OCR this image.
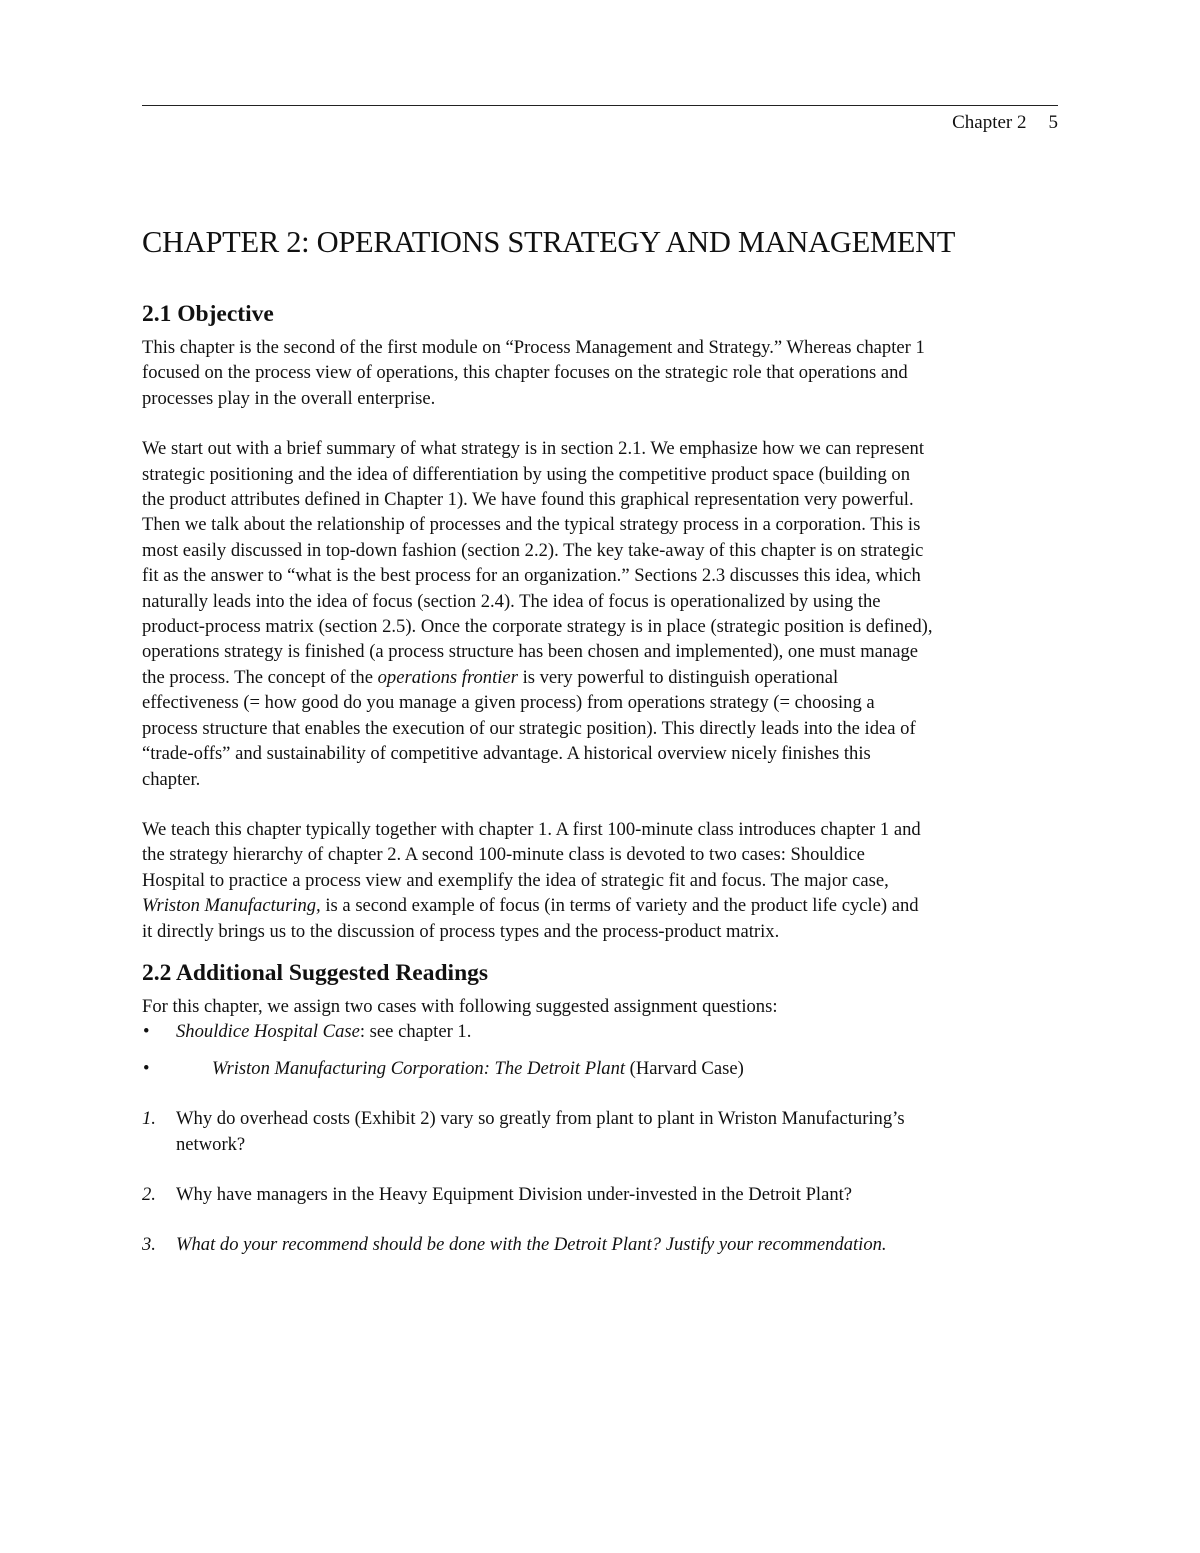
Chapter 2 5
CHAPTER 2: OPERATIONS STRATEGY AND MANAGEMENT
2.1 Objective

This chapter is the second of the first module on “Process Management and Strategy.” Whereas chapter 1
focused on the process view of operations, this chapter focuses on the strategic role that operations and
processes play in the overall enterprise.

We start out with a brief summary of what strategy is in section 2.1. We emphasize how we can represent
strategic positioning and the idea of differentiation by using the competitive product space (building on
the product attributes defined in Chapter 1). We have found this graphical representation very powerful.
Then we talk about the relationship of processes and the typical strategy process in a corporation. This is
most easily discussed in top-down fashion (section 2.2). The key take-away of this chapter is on strategic
fit as the answer to “what is the best process for an organization.” Sections 2.3 discusses this idea, which
naturally leads into the idea of focus (section 2.4). The idea of focus is operationalized by using the
product-process matrix (section 2.5). Once the corporate strategy is in place (strategic position is defined),
operations strategy is finished (a process structure has been chosen and implemented), one must manage
the process. The concept of the operations frontier is very powerful to distinguish operational
effectiveness (= how good do you manage a given process) from operations strategy (= choosing a
process structure that enables the execution of our strategic position). This directly leads into the idea of
“trade-offs” and sustainability of competitive advantage. A historical overview nicely finishes this
chapter.

We teach this chapter typically together with chapter 1. A first 100-minute class introduces chapter 1 and
the strategy hierarchy of chapter 2. A second 100-minute class is devoted to two cases: Shouldice
Hospital to practice a process view and exemplify the idea of strategic fit and focus. The major case,
Wriston Manufacturing, is a second example of focus (in terms of variety and the product life cycle) and
it directly brings us to the discussion of process types and the process-product matrix.

2.2 Additional Suggested Readings

For this chapter, we assign two cases with following suggested assignment questions:

• Shouldice Hospital Case: see chapter 1.
•	Wriston Manufacturing Corporation: The Detroit Plant (Harvard Case)
1. Why do overhead costs (Exhibit 2) vary so greatly from plant to plant in Wriston Manufacturing’s
network?
2. Why have managers in the Heavy Equipment Division under-invested in the Detroit Plant?
3. What do your recommend should be done with the Detroit Plant? Justify your recommendation.
